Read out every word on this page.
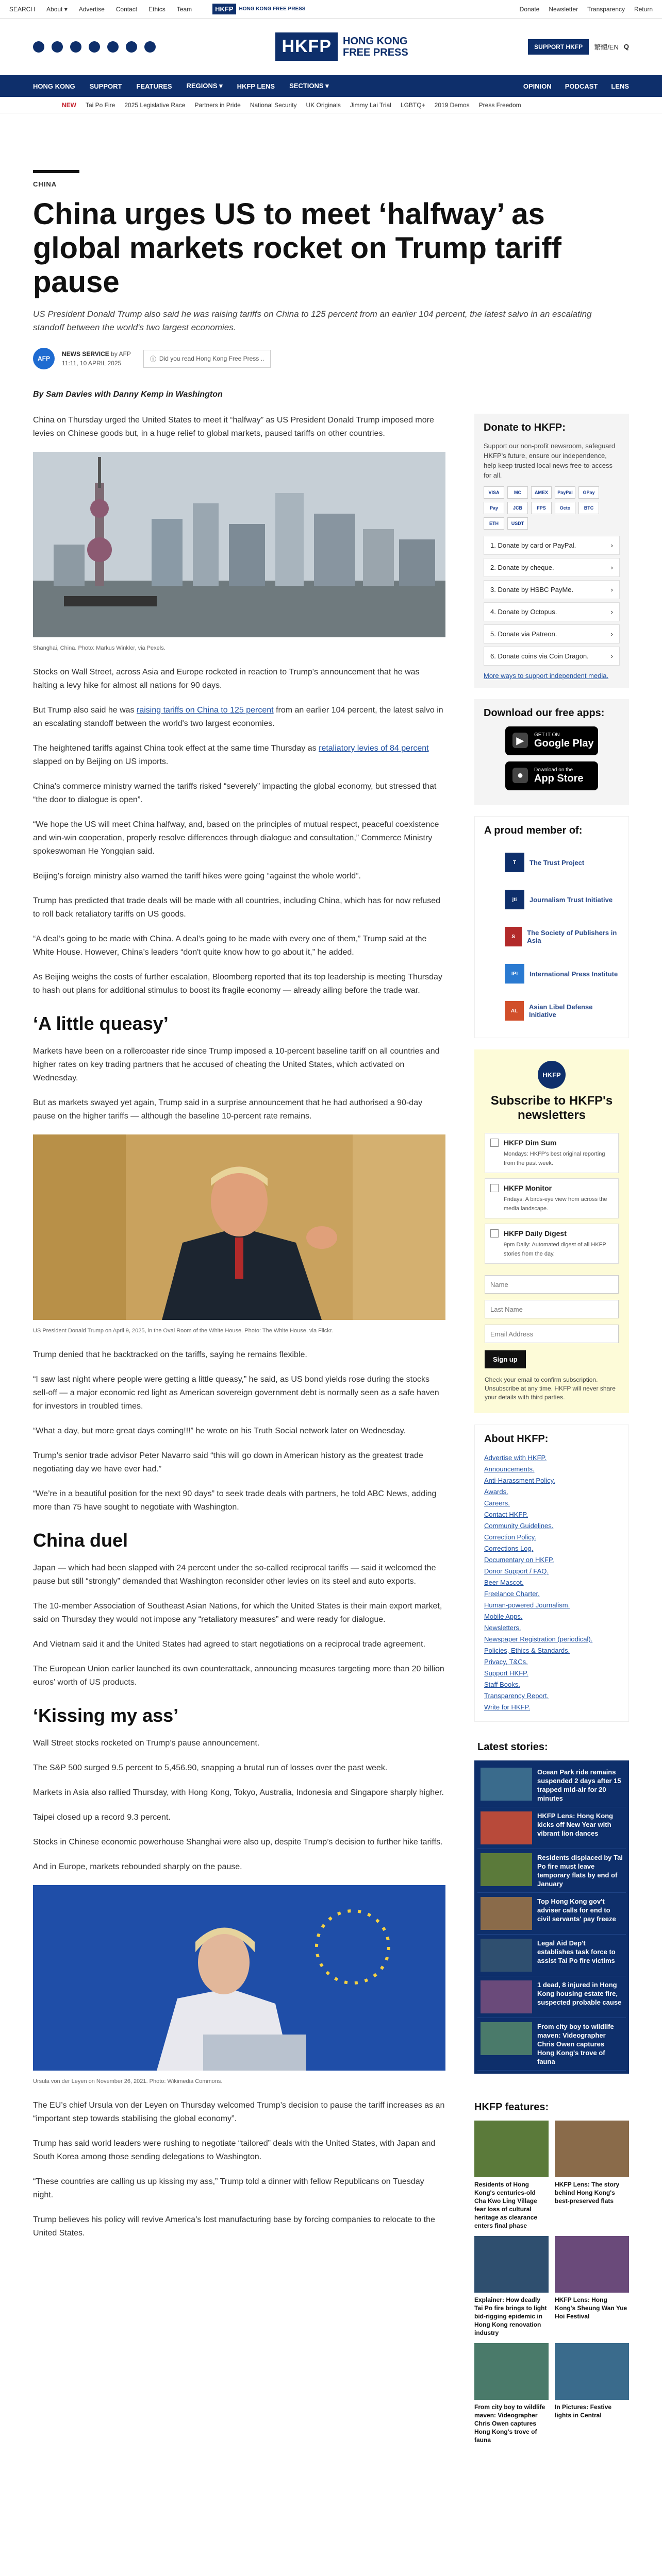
SEARCH About ▾ Advertise Contact Ethics Team	HKFP	HONG KONG FREE PRESS	Donate Newsletter Transparency Return
HKFP	HONG KONG
FREE PRESS	SUPPORT HKFP	繁體/EN Q
HONG KONG SUPPORT FEATURES REGIONS ▾ HKFP LENS SECTIONS ▾	OPINION PODCAST LENS
NEW Tai Po Fire 2025 Legislative Race Partners in Pride National Security UK Originals Jimmy Lai Trial LGBTQ+ 2019 Demos Press Freedom
CHINA
China urges US to meet ‘halfway’ as global markets rocket on Trump tariff pause
US President Donald Trump also said he was raising tariffs on China to 125 percent from an earlier 104 percent, the latest salvo in an escalating standoff between the world's two largest economies.
AFP
NEWS SERVICE by AFP
11:11, 10 APRIL 2025
ⓘ Did you read Hong Kong Free Press ..
By Sam Davies with Danny Kemp in Washington

China on Thursday urged the United States to meet it “halfway” as US President Donald Trump imposed more levies on Chinese goods but, in a huge relief to global markets, paused tariffs on other countries.

Shanghai, China. Photo: Markus Winkler, via Pexels.

Stocks on Wall Street, across Asia and Europe rocketed in reaction to Trump's announcement that he was halting a levy hike for almost all nations for 90 days.

But Trump also said he was raising tariffs on China to 125 percent from an earlier 104 percent, the latest salvo in an escalating standoff between the world's two largest economies.

The heightened tariffs against China took effect at the same time Thursday as retaliatory levies of 84 percent slapped on by Beijing on US imports.

China's commerce ministry warned the tariffs risked “severely” impacting the global economy, but stressed that “the door to dialogue is open”.

“We hope the US will meet China halfway, and, based on the principles of mutual respect, peaceful coexistence and win-win cooperation, properly resolve differences through dialogue and consultation,” Commerce Ministry spokeswoman He Yongqian said.

Beijing's foreign ministry also warned the tariff hikes were going “against the whole world”.

Trump has predicted that trade deals will be made with all countries, including China, which has for now refused to roll back retaliatory tariffs on US goods.

“A deal’s going to be made with China. A deal’s going to be made with every one of them,” Trump said at the White House. However, China’s leaders “don't quite know how to go about it,” he added.

As Beijing weighs the costs of further escalation, Bloomberg reported that its top leadership is meeting Thursday to hash out plans for additional stimulus to boost its fragile economy — already ailing before the trade war.

‘A little queasy’

Markets have been on a rollercoaster ride since Trump imposed a 10-percent baseline tariff on all countries and higher rates on key trading partners that he accused of cheating the United States, which activated on Wednesday.

But as markets swayed yet again, Trump said in a surprise announcement that he had authorised a 90-day pause on the higher tariffs — although the baseline 10-percent rate remains.

US President Donald Trump on April 9, 2025, in the Oval Room of the White House. Photo: The White House, via Flickr.

Trump denied that he backtracked on the tariffs, saying he remains flexible.

“I saw last night where people were getting a little queasy,” he said, as US bond yields rose during the stocks sell-off — a major economic red light as American sovereign government debt is normally seen as a safe haven for investors in troubled times.

“What a day, but more great days coming!!!” he wrote on his Truth Social network later on Wednesday.

Trump’s senior trade advisor Peter Navarro said “this will go down in American history as the greatest trade negotiating day we have ever had.”

“We’re in a beautiful position for the next 90 days” to seek trade deals with partners, he told ABC News, adding more than 75 have sought to negotiate with Washington.

China duel

Japan — which had been slapped with 24 percent under the so-called reciprocal tariffs — said it welcomed the pause but still “strongly” demanded that Washington reconsider other levies on its steel and auto exports.

The 10-member Association of Southeast Asian Nations, for which the United States is their main export market, said on Thursday they would not impose any “retaliatory measures” and were ready for dialogue.

And Vietnam said it and the United States had agreed to start negotiations on a reciprocal trade agreement.

The European Union earlier launched its own counterattack, announcing measures targeting more than 20 billion euros’ worth of US products.

‘Kissing my ass’

Wall Street stocks rocketed on Trump’s pause announcement.

The S&P 500 surged 9.5 percent to 5,456.90, snapping a brutal run of losses over the past week.

Markets in Asia also rallied Thursday, with Hong Kong, Tokyo, Australia, Indonesia and Singapore sharply higher.

Taipei closed up a record 9.3 percent.

Stocks in Chinese economic powerhouse Shanghai were also up, despite Trump’s decision to further hike tariffs.

And in Europe, markets rebounded sharply on the pause.

Ursula von der Leyen on November 26, 2021. Photo: Wikimedia Commons.

The EU’s chief Ursula von der Leyen on Thursday welcomed Trump’s decision to pause the tariff increases as an “important step towards stabilising the global economy”.

Trump has said world leaders were rushing to negotiate “tailored” deals with the United States, with Japan and South Korea among those sending delegations to Washington.

“These countries are calling us up kissing my ass,” Trump told a dinner with fellow Republicans on Tuesday night.

Trump believes his policy will revive America’s lost manufacturing base by forcing companies to relocate to the United States.

Donate to HKFP:

Support our non-profit newsroom, safeguard HKFP's future, ensure our independence, help keep trusted local news free-to-access for all.

VISA	MC	AMEX	PayPal	GPay
Pay	JCB	FPS	Octo	BTC
ETH	USDT
1. Donate by card or PayPal.	›
2. Donate by cheque.	›
3. Donate by HSBC PayMe.	›
4. Donate by Octopus.	›
5. Donate via Patreon.	›
6. Donate coins via Coin Dragon.	›
More ways to support independent media.
Download our free apps:
▶	GET IT ON
Google Play
●	Download on the
App Store
A proud member of:
T	The Trust Project
jti	Journalism Trust Initiative
S	The Society of Publishers in Asia
IPI	International Press Institute
AL	Asian Libel Defense Initiative
HKFP
Subscribe to HKFP's newsletters
HKFP Dim Sum
Mondays: HKFP's best original reporting from the past week.
HKFP Monitor
Fridays: A birds-eye view from across the media landscape.
HKFP Daily Digest
9pm Daily: Automated digest of all HKFP stories from the day.
Name Last Name Email Address Sign up
Check your email to confirm subscription. Unsubscribe at any time. HKFP will never share your details with third parties.
About HKFP:
Advertise with HKFP.
Announcements.
Anti-Harassment Policy.
Awards.
Careers.
Contact HKFP.
Community Guidelines.
Correction Policy.
Corrections Log.
Documentary on HKFP.
Donor Support / FAQ.
Beer Mascot.
Freelance Charter.
Human-powered Journalism.
Mobile Apps.
Newsletters.
Newspaper Registration (periodical).
Policies, Ethics & Standards.
Privacy, T&Cs.
Support HKFP.
Staff Books.
Transparency Report.
Write for HKFP.
Latest stories:
Ocean Park ride remains suspended 2 days after 15 trapped mid-air for 20 minutes
HKFP Lens: Hong Kong kicks off New Year with vibrant lion dances
Residents displaced by Tai Po fire must leave temporary flats by end of January
Top Hong Kong gov't adviser calls for end to civil servants' pay freeze
Legal Aid Dep't establishes task force to assist Tai Po fire victims
1 dead, 8 injured in Hong Kong housing estate fire, suspected probable cause
From city boy to wildlife maven: Videographer Chris Owen captures Hong Kong's trove of fauna
HKFP features:
Residents of Hong Kong's centuries-old Cha Kwo Ling Village fear loss of cultural heritage as clearance enters final phase
HKFP Lens: The story behind Hong Kong's best-preserved flats
Explainer: How deadly Tai Po fire brings to light bid-rigging epidemic in Hong Kong renovation industry
HKFP Lens: Hong Kong's Sheung Wan Yue Hoi Festival
From city boy to wildlife maven: Videographer Chris Owen captures Hong Kong's trove of fauna
In Pictures: Festive lights in Central
